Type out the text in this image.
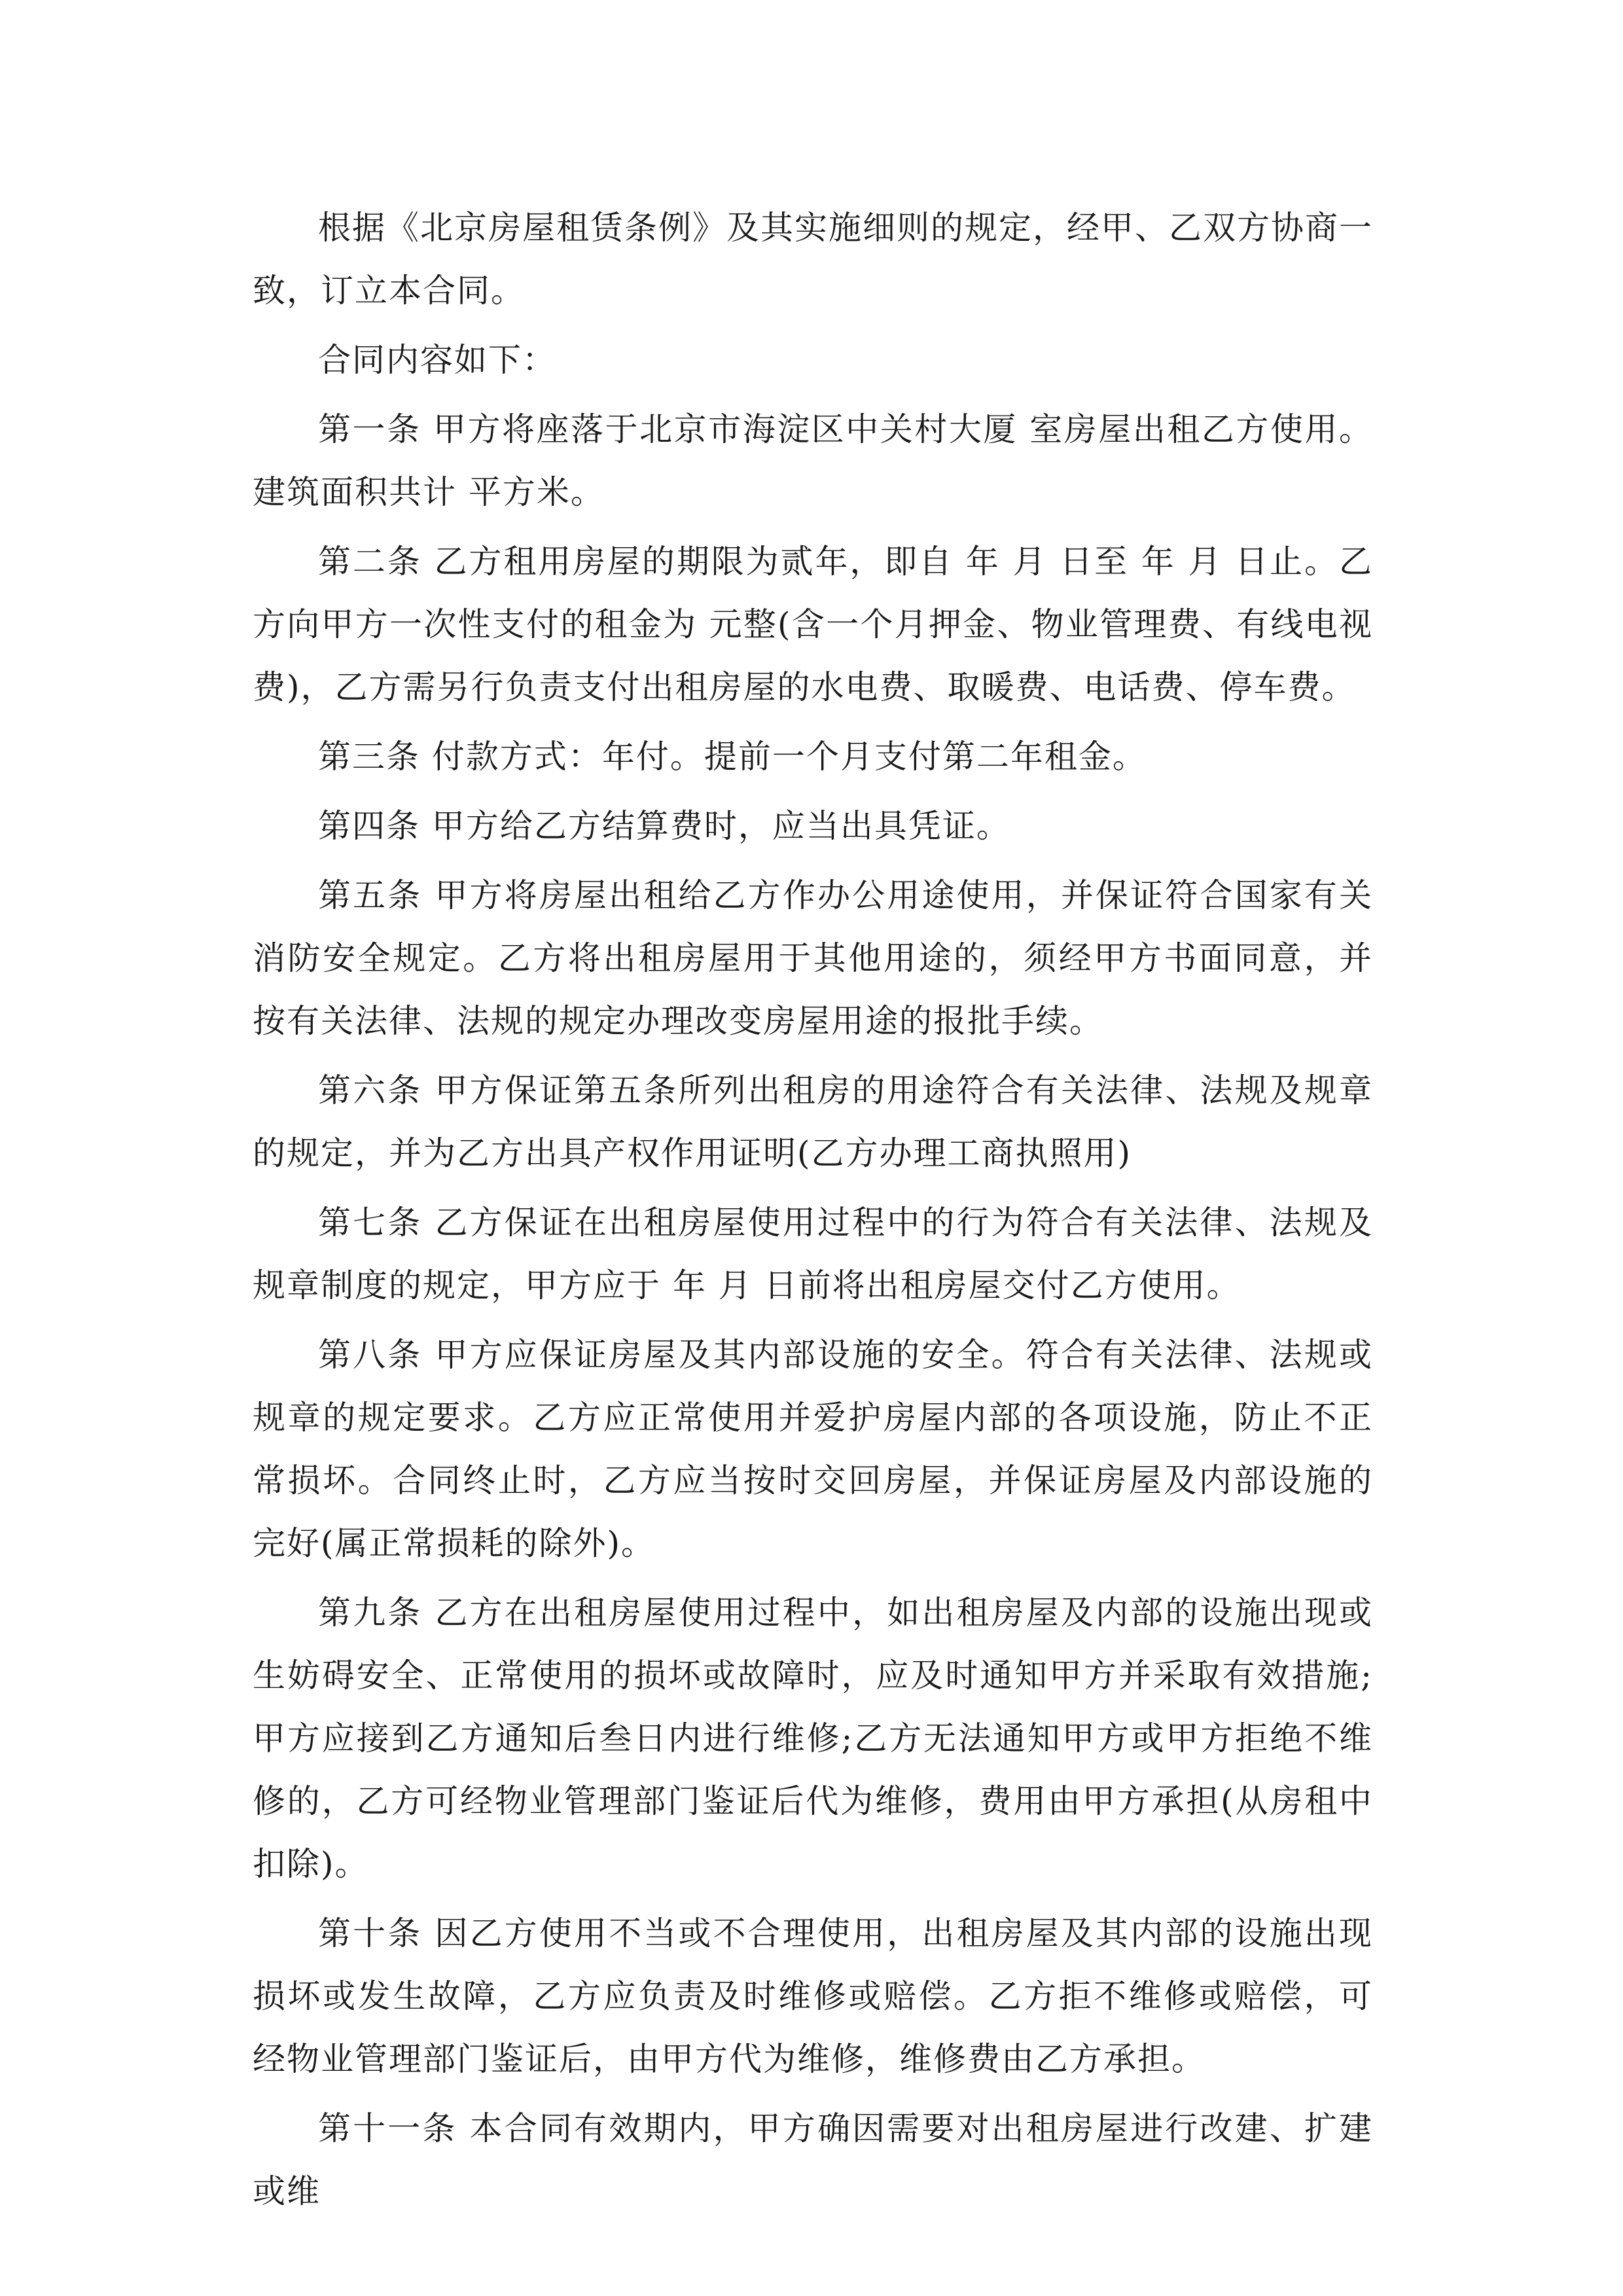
根据《北京房屋租赁条例》及其实施细则的规定，经甲、乙双方协商一致，订立本合同。

合同内容如下：

第一条 甲方将座落于北京市海淀区中关村大厦 室房屋出租乙方使用。建筑面积共计 平方米。

第二条 乙方租用房屋的期限为贰年，即自 年 月 日至 年 月 日止。乙方向甲方一次性支付的租金为 元整(含一个月押金、物业管理费、有线电视费)，乙方需另行负责支付出租房屋的水电费、取暖费、电话费、停车费。

第三条 付款方式：年付。提前一个月支付第二年租金。

第四条 甲方给乙方结算费时，应当出具凭证。

第五条 甲方将房屋出租给乙方作办公用途使用，并保证符合国家有关消防安全规定。乙方将出租房屋用于其他用途的，须经甲方书面同意，并按有关法律、法规的规定办理改变房屋用途的报批手续。

第六条 甲方保证第五条所列出租房的用途符合有关法律、法规及规章的规定，并为乙方出具产权作用证明(乙方办理工商执照用)

第七条 乙方保证在出租房屋使用过程中的行为符合有关法律、法规及规章制度的规定，甲方应于 年 月 日前将出租房屋交付乙方使用。

第八条 甲方应保证房屋及其内部设施的安全。符合有关法律、法规或规章的规定要求。乙方应正常使用并爱护房屋内部的各项设施，防止不正常损坏。合同终止时，乙方应当按时交回房屋，并保证房屋及内部设施的完好(属正常损耗的除外)。

第九条 乙方在出租房屋使用过程中，如出租房屋及内部的设施出现或生妨碍安全、正常使用的损坏或故障时，应及时通知甲方并采取有效措施; 甲方应接到乙方通知后叁日内进行维修;乙方无法通知甲方或甲方拒绝不维修的，乙方可经物业管理部门鉴证后代为维修，费用由甲方承担(从房租中扣除)。

第十条 因乙方使用不当或不合理使用，出租房屋及其内部的设施出现损坏或发生故障，乙方应负责及时维修或赔偿。乙方拒不维修或赔偿，可经物业管理部门鉴证后，由甲方代为维修，维修费由乙方承担。

第十一条 本合同有效期内，甲方确因需要对出租房屋进行改建、扩建或维
